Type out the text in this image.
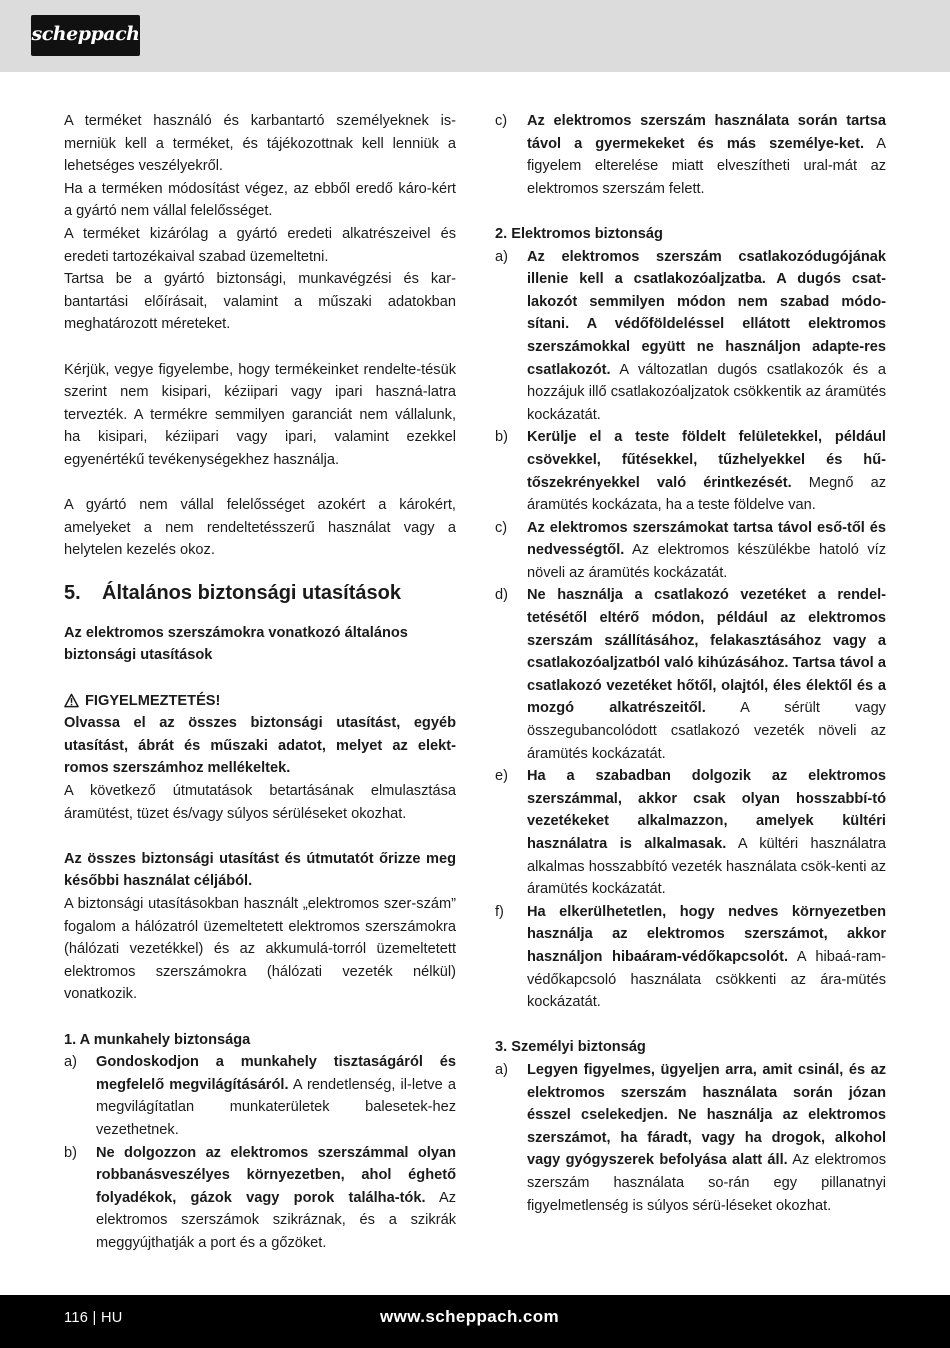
scheppach

A terméket használó és karbantartó személyeknek is-merniük kell a terméket, és tájékozottnak kell lenniük a lehetséges veszélyekről.

Ha a terméken módosítást végez, az ebből eredő káro-kért a gyártó nem vállal felelősséget.

A terméket kizárólag a gyártó eredeti alkatrészeivel és eredeti tartozékaival szabad üzemeltetni.

Tartsa be a gyártó biztonsági, munkavégzési és kar-bantartási előírásait, valamint a műszaki adatokban meghatározott méreteket.

Kérjük, vegye figyelembe, hogy termékeinket rendelte-tésük szerint nem kisipari, kéziipari vagy ipari haszná-latra tervezték. A termékre semmilyen garanciát nem vállalunk, ha kisipari, kéziipari vagy ipari, valamint ezekkel egyenértékű tevékenységekhez használja.

A gyártó nem vállal felelősséget azokért a károkért, amelyeket a nem rendeltetésszerű használat vagy a helytelen kezelés okoz.

5.	Általános biztonsági utasítások
Az elektromos szerszámokra vonatkozó általános biztonsági utasítások

FIGYELMEZTETÉS!

Olvassa el az összes biztonsági utasítást, egyéb utasítást, ábrát és műszaki adatot, melyet az elekt-romos szerszámhoz mellékeltek.

A következő útmutatások betartásának elmulasztása áramütést, tüzet és/vagy súlyos sérüléseket okozhat.

Az összes biztonsági utasítást és útmutatót őrizze meg későbbi használat céljából.

A biztonsági utasításokban használt „elektromos szer-szám” fogalom a hálózatról üzemeltetett elektromos szerszámokra (hálózati vezetékkel) és az akkumulá-torról üzemeltetett elektromos szerszámokra (hálózati vezeték nélkül) vonatkozik.

1. A munkahely biztonsága
a)	Gondoskodjon a munkahely tisztaságáról és megfelelő megvilágításáról. A rendetlenség, il-letve a megvilágítatlan munkaterületek balesetek-hez vezethetnek.
b)	Ne dolgozzon az elektromos szerszámmal olyan robbanásveszélyes környezetben, ahol éghető folyadékok, gázok vagy porok találha-tók. Az elektromos szerszámok szikráznak, és a szikrák meggyújthatják a port és a gőzöket.
c)	Az elektromos szerszám használata során tartsa távol a gyermekeket és más személye-ket. A figyelem elterelése miatt elveszítheti ural-mát az elektromos szerszám felett.
2. Elektromos biztonság
a)	Az elektromos szerszám csatlakozódugójának illenie kell a csatlakozóaljzatba. A dugós csat-lakozót semmilyen módon nem szabad módo-sítani. A védőföldeléssel ellátott elektromos szerszámokkal együtt ne használjon adapte-res csatlakozót. A változatlan dugós csatlakozók és a hozzájuk illő csatlakozóaljzatok csökkentik az áramütés kockázatát.
b)	Kerülje el a teste földelt felületekkel, például csövekkel, fűtésekkel, tűzhelyekkel és hű-tőszekrényekkel való érintkezését. Megnő az áramütés kockázata, ha a teste földelve van.
c)	Az elektromos szerszámokat tartsa távol eső-től és nedvességtől. Az elektromos készülékbe hatoló víz növeli az áramütés kockázatát.
d)	Ne használja a csatlakozó vezetéket a rendel-tetésétől eltérő módon, például az elektromos szerszám szállításához, felakasztásához vagy a csatlakozóaljzatból való kihúzásához. Tartsa távol a csatlakozó vezetéket hőtől, olajtól, éles élektől és a mozgó alkatrészeitől. A sérült vagy összegubancolódott csatlakozó vezeték növeli az áramütés kockázatát.
e)	Ha a szabadban dolgozik az elektromos szerszámmal, akkor csak olyan hosszabbí-tó vezetékeket alkalmazzon, amelyek kültéri használatra is alkalmasak. A kültéri használatra alkalmas hosszabbító vezeték használata csök-kenti az áramütés kockázatát.
f)	Ha elkerülhetetlen, hogy nedves környezetben használja az elektromos szerszámot, akkor használjon hibaáram-védőkapcsolót. A hibaá-ram-védőkapcsoló használata csökkenti az ára-mütés kockázatát.
3. Személyi biztonság
a)	Legyen figyelmes, ügyeljen arra, amit csinál, és az elektromos szerszám használata során józan ésszel cselekedjen. Ne használja az elektromos szerszámot, ha fáradt, vagy ha drogok, alkohol vagy gyógyszerek befolyása alatt áll. Az elektromos szerszám használata so-rán egy pillanatnyi figyelmetlenség is súlyos sérü-léseket okozhat.
116 | HU	www.scheppach.com
